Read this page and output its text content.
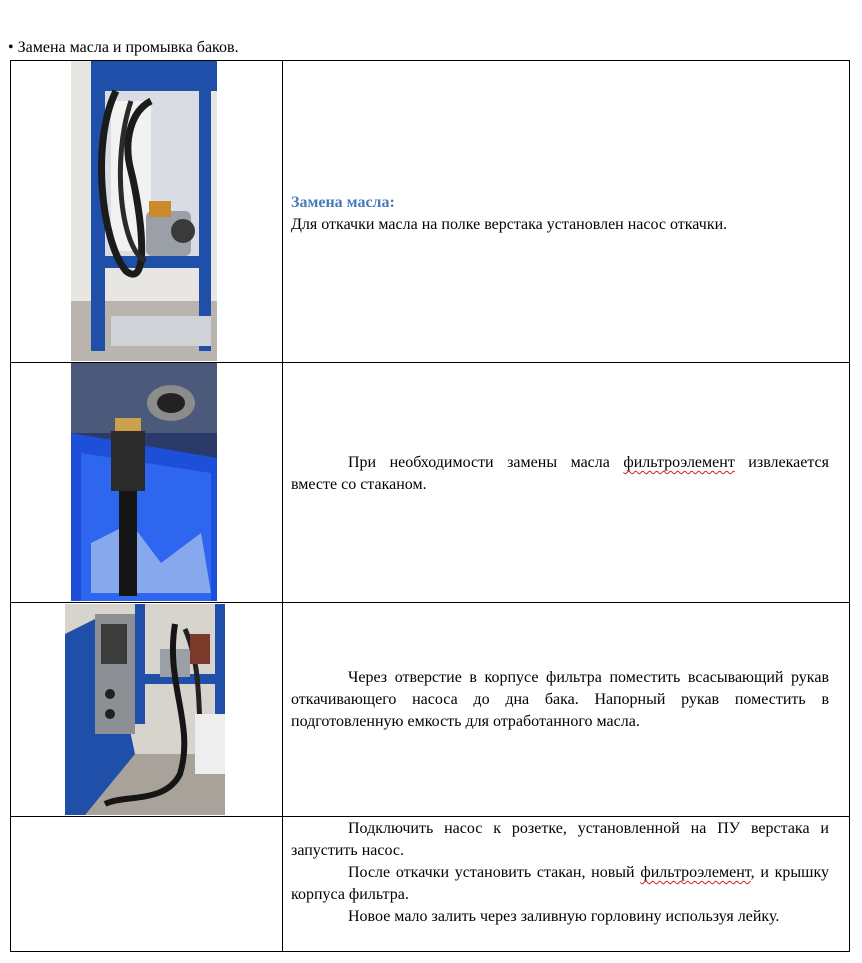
• Замена масла и промывка баков.

Замена масла:

Для откачки масла на полке верстака установлен насос откачки.

При необходимости замены масла фильтроэлемент извлекается вместе со стаканом.

Через отверстие в корпусе фильтра поместить всасывающий рукав откачивающего насоса до дна бака. Напорный рукав поместить в подготовленную емкость для отработанного масла.

Подключить насос к розетке, установленной на ПУ верстака и запустить насос.

После откачки установить стакан, новый фильтроэлемент, и крышку корпуса фильтра.

Новое мало залить через заливную горловину используя лейку.
